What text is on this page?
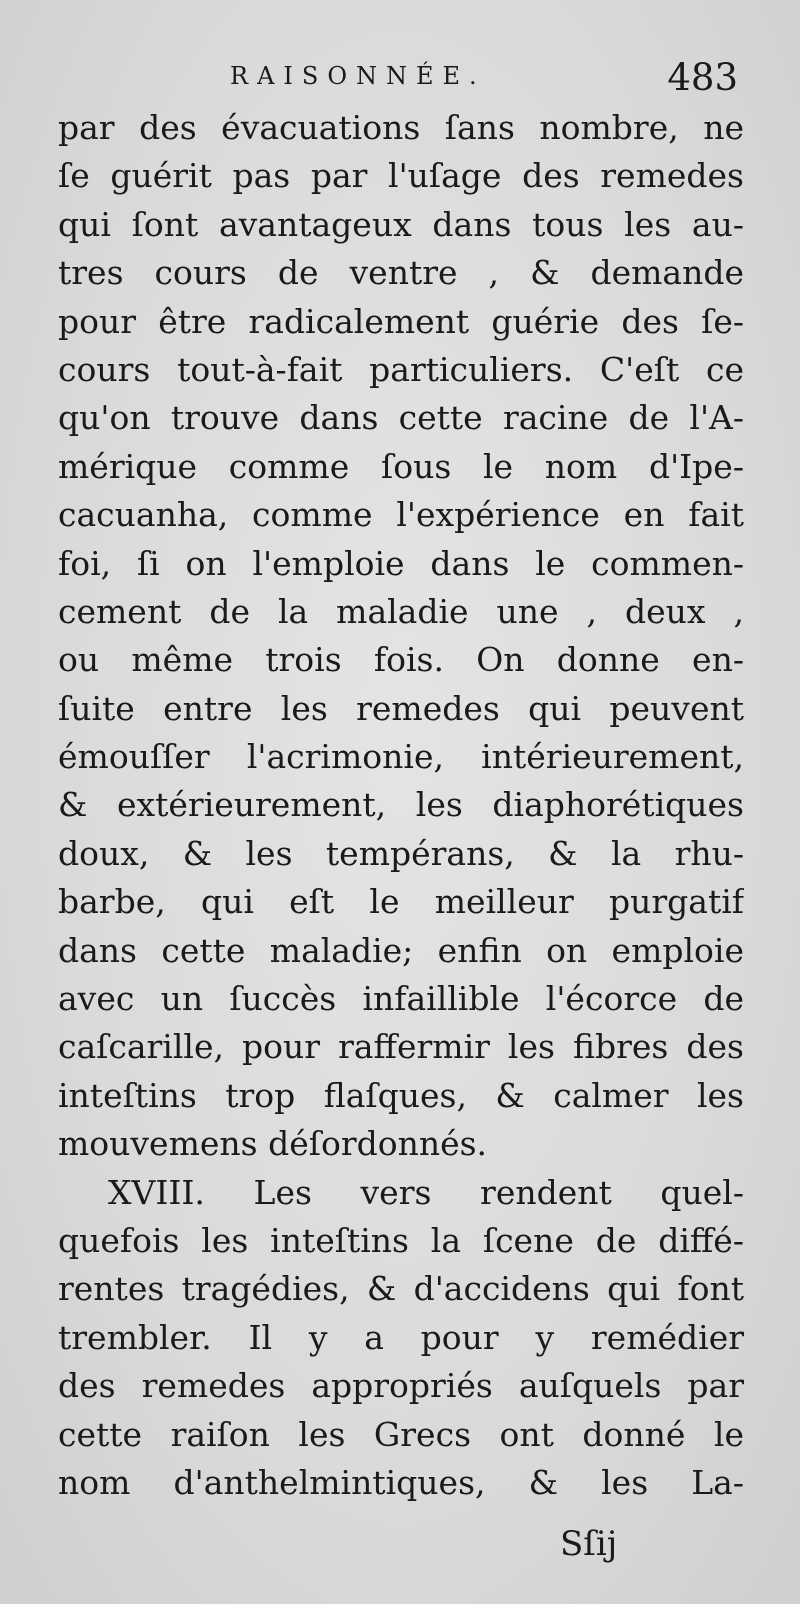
RAISONNÉE.	483
par des évacuations ſans nombre, ne
ſe guérit pas par l'uſage des remedes
qui ſont avantageux dans tous les au-
tres cours de ventre , & demande
pour être radicalement guérie des ſe-
cours tout-à-fait particuliers. C'eſt ce
qu'on trouve dans cette racine de l'A-
mérique comme ſous le nom d'Ipe-
cacuanha, comme l'expérience en fait
foi, ſi on l'emploie dans le commen-
cement de la maladie une , deux ,
ou même trois fois. On donne en-
ſuite entre les remedes qui peuvent
émouſſer l'acrimonie, intérieurement,
& extérieurement, les diaphorétiques
doux, & les tempérans, & la rhu-
barbe, qui eſt le meilleur purgatif
dans cette maladie; enfin on emploie
avec un ſuccès infaillible l'écorce de
caſcarille, pour raffermir les fibres des
inteſtins trop flaſques, & calmer les
mouvemens déſordonnés.
XVIII. Les vers rendent quel-
quefois les inteſtins la ſcene de diffé-
rentes tragédies, & d'accidens qui font
trembler. Il y a pour y remédier
des remedes appropriés auſquels par
cette raiſon les Grecs ont donné le
nom d'anthelmintiques, & les La-
Sſij
